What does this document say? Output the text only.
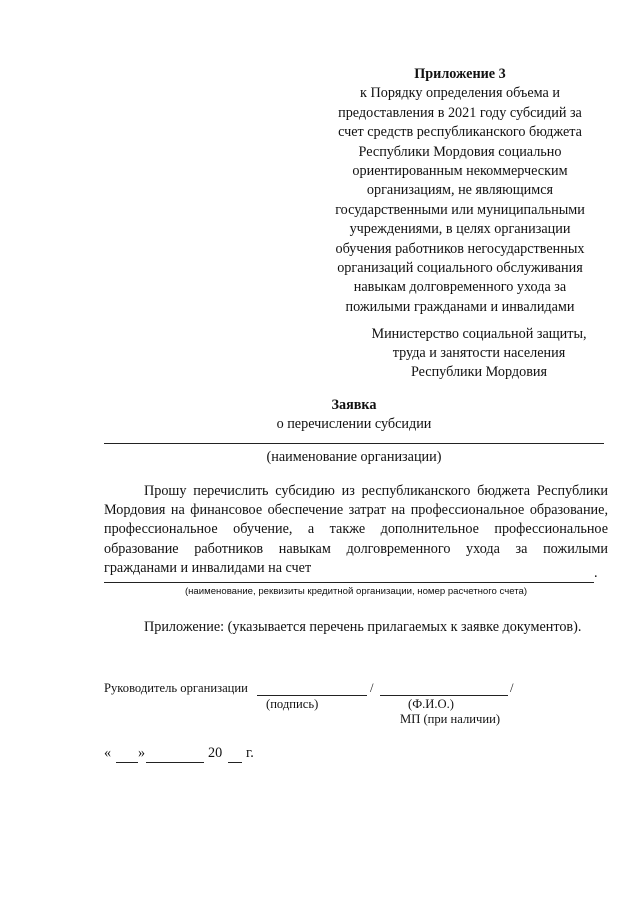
Приложение 3
к Порядку определения объема и
предоставления в 2021 году субсидий за
счет средств республиканского бюджета
Республики Мордовия социально
ориентированным некоммерческим
организациям, не являющимся
государственными или муниципальными
учреждениями, в целях организации
обучения работников негосударственных
организаций социального обслуживания
навыкам долговременного ухода за
пожилыми гражданами и инвалидами
Министерство социальной защиты,
труда и занятости населения
Республики Мордовия
Заявка
о перечислении субсидии
(наименование организации)

Прошу перечислить субсидию из республиканского бюджета Республики Мордовия на финансовое обеспечение затрат на профессиональное образование, профессиональное обучение, а также дополнительное профессиональное образование работников навыкам долговременного ухода за пожилыми гражданами и инвалидами на счет	.
(наименование, реквизиты кредитной организации, номер расчетного счета)

Приложение: (указывается перечень прилагаемых к заявке документов).

Руководитель организации	/	/
(подпись)	(Ф.И.О.)
МП (при наличии)
« »	20 г.
